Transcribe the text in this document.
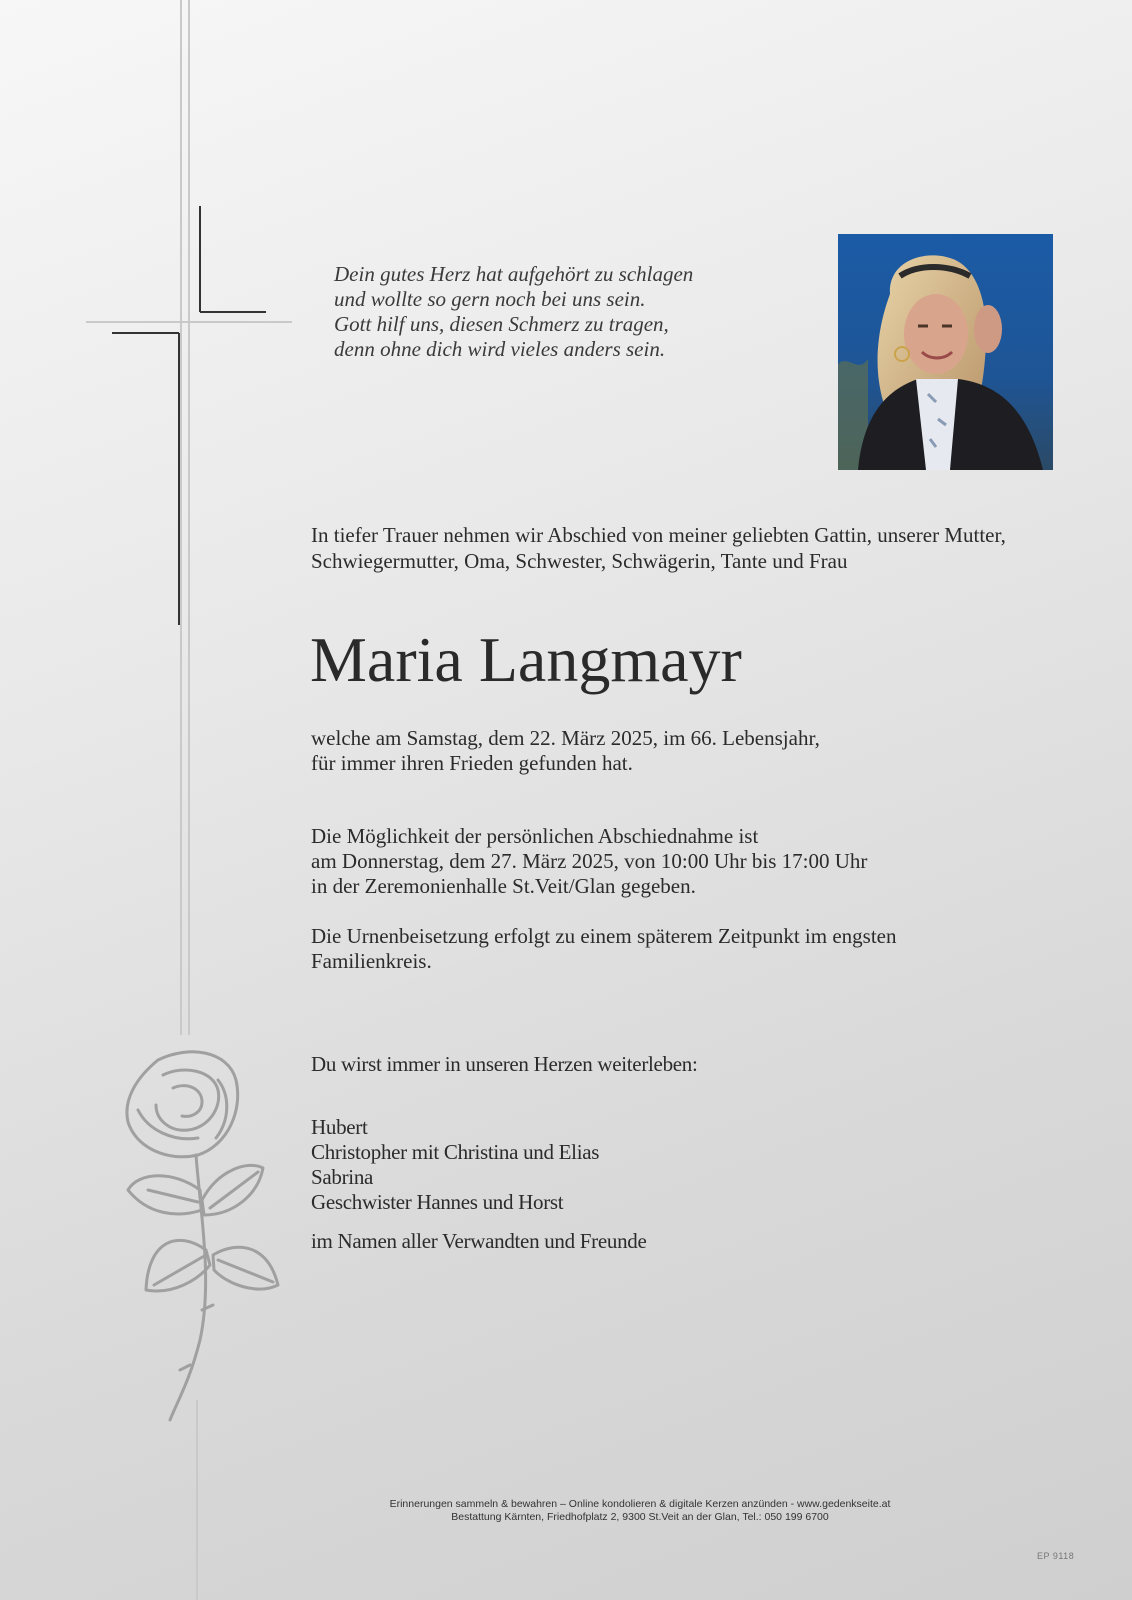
Dein gutes Herz hat aufgehört zu schlagen
und wollte so gern noch bei uns sein.
Gott hilf uns, diesen Schmerz zu tragen,
denn ohne dich wird vieles anders sein.
In tiefer Trauer nehmen wir Abschied von meiner geliebten Gattin, unserer Mutter,
Schwiegermutter, Oma, Schwester, Schwägerin, Tante und Frau
Maria Langmayr
welche am Samstag, dem 22. März 2025, im 66. Lebensjahr,
für immer ihren Frieden gefunden hat.
Die Möglichkeit der persönlichen Abschiednahme ist
am Donnerstag, dem 27. März 2025, von 10:00 Uhr bis 17:00 Uhr
in der Zeremonienhalle St.Veit/Glan gegeben.
Die Urnenbeisetzung erfolgt zu einem späterem Zeitpunkt im engsten
Familienkreis.
Du wirst immer in unseren Herzen weiterleben:
Hubert
Christopher mit Christina und Elias
Sabrina
Geschwister Hannes und Horst
im Namen aller Verwandten und Freunde
Erinnerungen sammeln & bewahren – Online kondolieren & digitale Kerzen anzünden - www.gedenkseite.at
Bestattung Kärnten, Friedhofplatz 2, 9300 St.Veit an der Glan, Tel.: 050 199 6700
EP 9118
